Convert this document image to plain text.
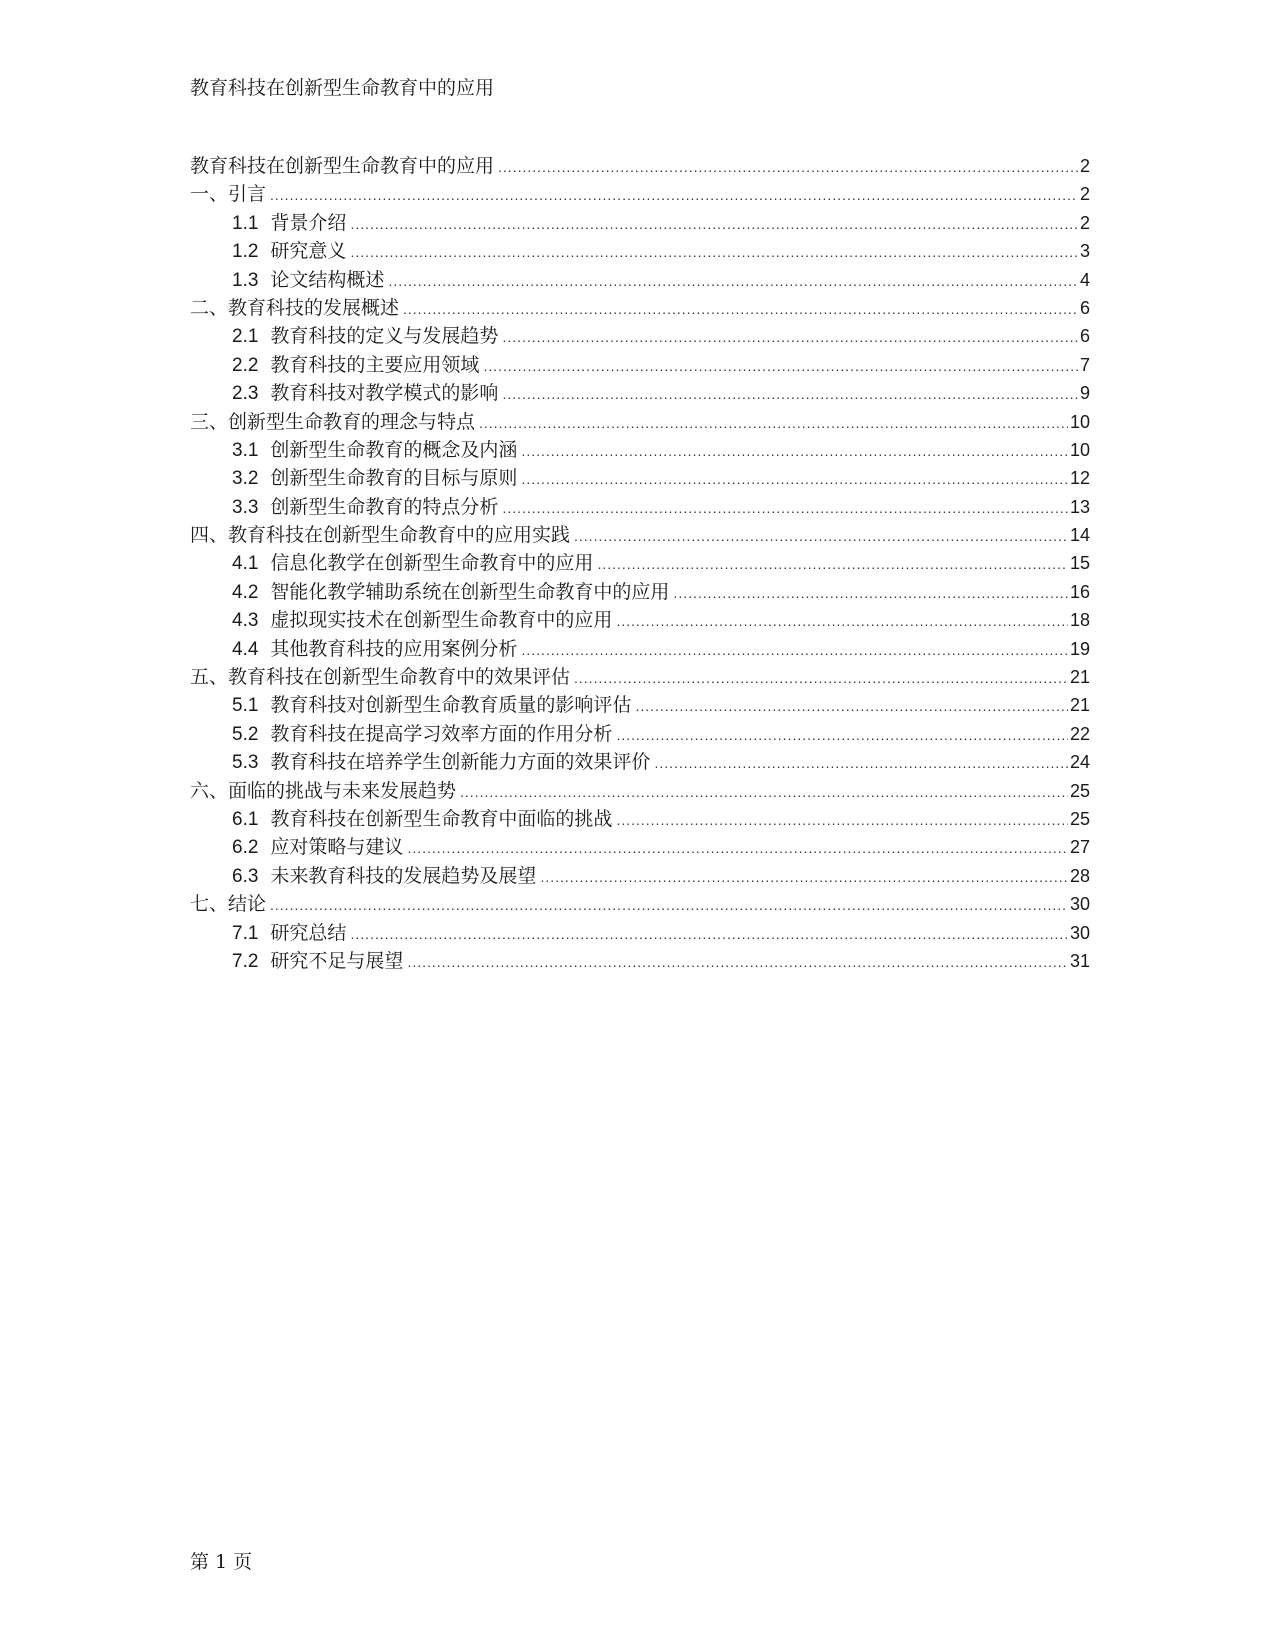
教育科技在创新型生命教育中的应用
教育科技在创新型生命教育中的应用 .....	2
一、引言 .....	2
1.1 背景介绍 .....	2
1.2 研究意义 .....	3
1.3 论文结构概述 .....	4
二、教育科技的发展概述 .....	6
2.1 教育科技的定义与发展趋势 .....	6
2.2 教育科技的主要应用领域 .....	7
2.3 教育科技对教学模式的影响 .....	9
三、创新型生命教育的理念与特点 .....	10
3.1 创新型生命教育的概念及内涵 .....	10
3.2 创新型生命教育的目标与原则 .....	12
3.3 创新型生命教育的特点分析 .....	13
四、教育科技在创新型生命教育中的应用实践 .....	14
4.1 信息化教学在创新型生命教育中的应用 .....	15
4.2 智能化教学辅助系统在创新型生命教育中的应用 .....	16
4.3 虚拟现实技术在创新型生命教育中的应用 .....	18
4.4 其他教育科技的应用案例分析 .....	19
五、教育科技在创新型生命教育中的效果评估 .....	21
5.1 教育科技对创新型生命教育质量的影响评估 .....	21
5.2 教育科技在提高学习效率方面的作用分析 .....	22
5.3 教育科技在培养学生创新能力方面的效果评价 .....	24
六、面临的挑战与未来发展趋势 .....	25
6.1 教育科技在创新型生命教育中面临的挑战 .....	25
6.2 应对策略与建议 .....	27
6.3 未来教育科技的发展趋势及展望 .....	28
七、结论 .....	30
7.1 研究总结 .....	30
7.2 研究不足与展望 .....	31
第 1 页
